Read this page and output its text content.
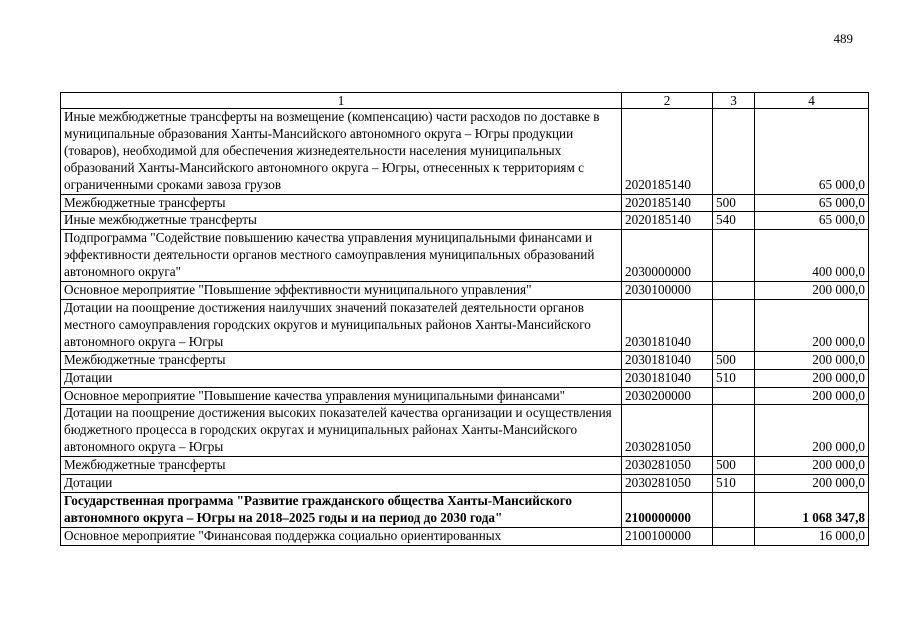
489
1	2	3	4
Иные межбюджетные трансферты на возмещение (компенсацию) части расходов по доставке в муниципальные образования Ханты-Мансийского автономного округа – Югры продукции (товаров), необходимой для обеспечения жизнедеятельности населения муниципальных образований Ханты-Мансийского автономного округа – Югры, отнесенных к территориям с ограниченными сроками завоза грузов	2020185140		65 000,0
Межбюджетные трансферты	2020185140	500	65 000,0
Иные межбюджетные трансферты	2020185140	540	65 000,0
Подпрограмма "Содействие повышению качества управления муниципальными финансами и эффективности деятельности органов местного самоуправления муниципальных образований автономного округа"	2030000000		400 000,0
Основное мероприятие "Повышение эффективности муниципального управления"	2030100000		200 000,0
Дотации на поощрение достижения наилучших значений показателей деятельности органов местного самоуправления городских округов и муниципальных районов Ханты-Мансийского автономного округа – Югры	2030181040		200 000,0
Межбюджетные трансферты	2030181040	500	200 000,0
Дотации	2030181040	510	200 000,0
Основное мероприятие "Повышение качества управления муниципальными финансами"	2030200000		200 000,0
Дотации на поощрение достижения высоких показателей качества организации и осуществления бюджетного процесса в городских округах и муниципальных районах Ханты-Мансийского автономного округа – Югры	2030281050		200 000,0
Межбюджетные трансферты	2030281050	500	200 000,0
Дотации	2030281050	510	200 000,0
Государственная программа "Развитие гражданского общества Ханты-Мансийского автономного округа – Югры на 2018–2025 годы и на период до 2030 года"	2100000000		1 068 347,8
Основное мероприятие "Финансовая поддержка социально ориентированных	2100100000		16 000,0
